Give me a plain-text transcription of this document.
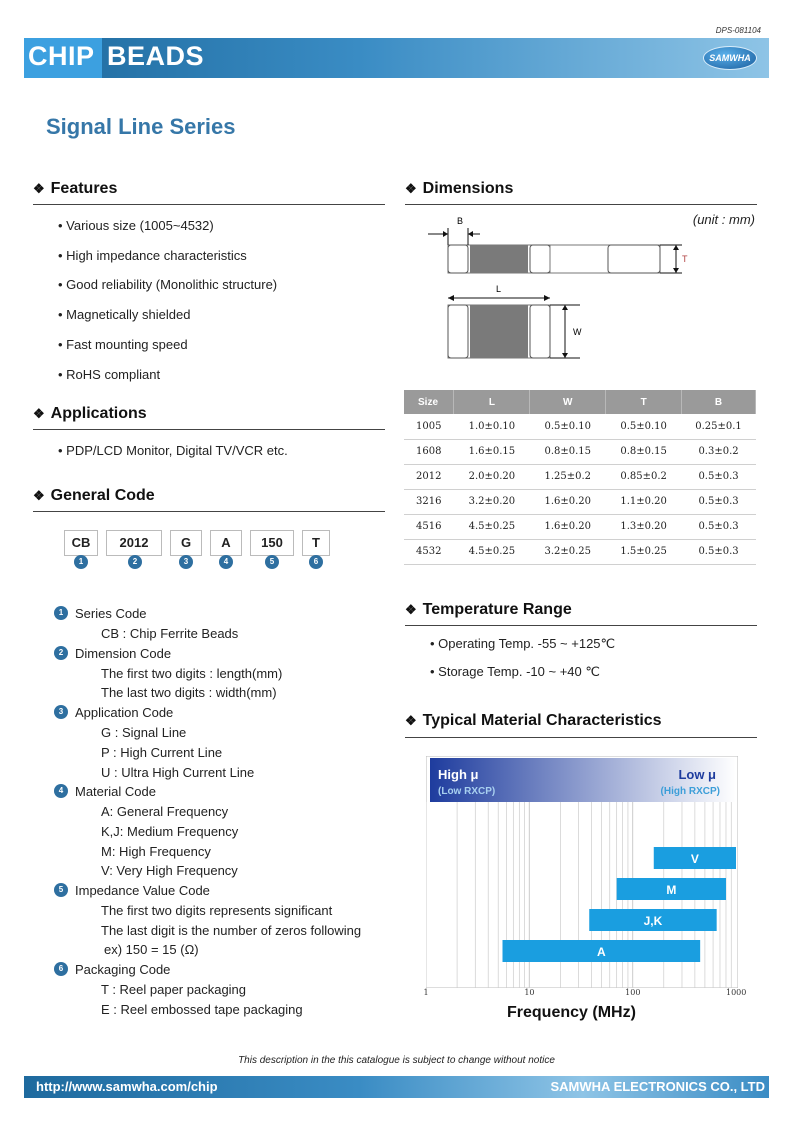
DPS-081104
CHIP BEADS	SAMWHA
Signal Line Series
❖ Features
• Various size (1005~4532)
• High impedance characteristics
• Good reliability (Monolithic structure)
• Magnetically shielded
• Fast mounting speed
• RoHS compliant
❖ Applications
• PDP/LCD Monitor, Digital TV/VCR etc.
❖ General Code
CB	2012	G	A	150	T
1	2	3	4	5	6
1 Series Code
CB : Chip Ferrite Beads
2 Dimension Code
The first two digits : length(mm)
The last two digits : width(mm)
3 Application Code
G : Signal Line
P : High Current Line
U : Ultra High Current Line
4 Material Code
A: General Frequency
K,J: Medium Frequency
M: High Frequency
V: Very High Frequency
5 Impedance Value Code
The first two digits represents significant
The last digit is the number of zeros following
ex) 150 = 15 (Ω)
6 Packaging Code
T : Reel paper packaging
E : Reel embossed tape packaging
❖ Dimensions
(unit : mm)
B
T
L
W
Size	L	W	T	B
1005	1.0±0.10	0.5±0.10	0.5±0.10	0.25±0.1
1608	1.6±0.15	0.8±0.15	0.8±0.15	0.3±0.2
2012	2.0±0.20	1.25±0.2	0.85±0.2	0.5±0.3
3216	3.2±0.20	1.6±0.20	1.1±0.20	0.5±0.3
4516	4.5±0.25	1.6±0.20	1.3±0.20	0.5±0.3
4532	4.5±0.25	3.2±0.25	1.5±0.25	0.5±0.3
❖ Temperature Range
• Operating Temp. -55 ~ +125℃
• Storage Temp. -10 ~ +40 ℃
❖ Typical Material Characteristics
High μ
(Low RXCP)
Low μ
(High RXCP)
V
M
J,K
A
1	10	100	1000
Frequency (MHz)
This description in the this catalogue is subject to change without notice
http://www.samwha.com/chip	SAMWHA ELECTRONICS CO., LTD
